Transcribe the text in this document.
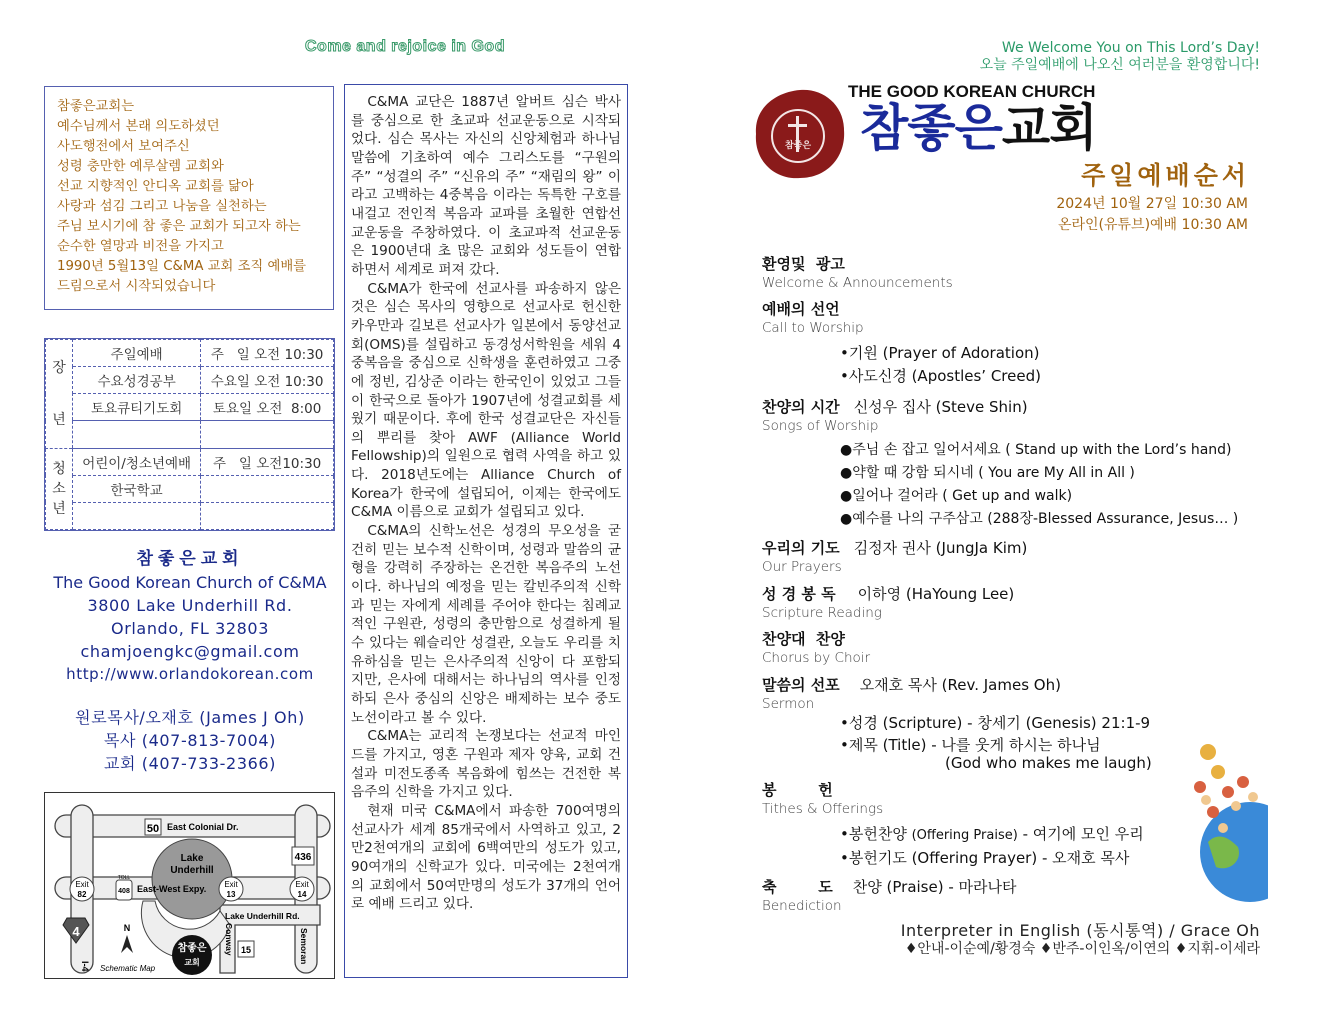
Come and rejoice in God
참좋은교회는
예수님께서 본래 의도하셨던
사도행전에서 보여주신
성령 충만한 예루살렘 교회와
선교 지향적인 안디옥 교회를 닮아
사랑과 섬김 그리고 나눔을 실천하는
주님 보시기에 참 좋은 교회가 되고자 하는
순수한 열망과 비전을 가지고
1990년 5월13일 C&MA 교회 조직 예배를
드림으로서 시작되었습니다
장

년	주일예배	주   일 오전 10:30
	수요성경공부	수요일 오전 10:30
	토요큐티기도회	토요일 오전  8:00

청
소
년	어린이/청소년예배	주   일 오전10:30
	한국학교	

참좋은교회
The Good Korean Church of C&MA
3800 Lake Underhill Rd.
Orlando, FL 32803
chamjoengkc@gmail.com
http://www.orlandokorean.com
원로목사/오재호 (James J Oh)
목사 (407-813-7004)
교회 (407-733-2366)
Lake
Underhill
50 East Colonial Dr.
436
Exit
82
Exit
13
Exit
14
TOLL
408 East-West Expy.
Lake Underhill Rd.
4
I-4
N
Schematic Map
참좋은
교회
Conway 15	Semoran

C&MA 교단은 1887년 알버트 심슨 박사를 중심으로 한 초교파 선교운동으로 시작되었다. 심슨 목사는 자신의 신앙체험과 하나님 말씀에 기초하여 예수 그리스도를 “구원의 주” “성결의 주” “신유의 주” “재림의 왕” 이라고 고백하는 4중복음 이라는 독특한 구호를 내걸고 전인적 복음과 교파를 초월한 연합선교운동을 주창하였다. 이 초교파적 선교운동은 1900년대 초 많은 교회와 성도들이 연합하면서 세계로 퍼져 갔다.

C&MA가 한국에 선교사를 파송하지 않은 것은 심슨 목사의 영향으로 선교사로 헌신한 카우만과 길보른 선교사가 일본에서 동양선교회(OMS)를 설립하고 동경성서학원을 세워 4중복음을 중심으로 신학생을 훈련하였고 그중에 정빈, 김상준 이라는 한국인이 있었고 그들이 한국으로 돌아가 1907년에 성결교회를 세웠기 때문이다. 후에 한국 성결교단은 자신들의 뿌리를 찾아 AWF (Alliance World Fellowship)의 일원으로 협력 사역을 하고 있다. 2018년도에는 Alliance Church of Korea가 한국에 설립되어, 이제는 한국에도 C&MA 이름으로 교회가 설립되고 있다.

C&MA의 신학노선은 성경의 무오성을 굳건히 믿는 보수적 신학이며, 성령과 말씀의 균형을 강력히 주장하는 온건한 복음주의 노선이다. 하나님의 예정을 믿는 칼빈주의적 신학과 믿는 자에게 세례를 주어야 한다는 침례교적인 구원관, 성령의 충만함으로 성결하게 될 수 있다는 웨슬리안 성결관, 오늘도 우리를 치유하심을 믿는 은사주의적 신앙이 다 포함되지만, 은사에 대해서는 하나님의 역사를 인정하되 은사 중심의 신앙은 배제하는 보수 중도 노선이라고 볼 수 있다.

C&MA는 교리적 논쟁보다는 선교적 마인드를 가지고, 영혼 구원과 제자 양육, 교회 건설과 미전도종족 복음화에 힘쓰는 건전한 복음주의 신학을 가지고 있다.

현재 미국 C&MA에서 파송한 700여명의 선교사가 세계 85개국에서 사역하고 있고, 2만2천여개의 교회에 6백여만의 성도가 있고, 90여개의 신학교가 있다. 미국에는 2천여개의 교회에서 50여만명의 성도가 37개의 언어로 예배 드리고 있다.

We Welcome You on This Lord’s Day!
오늘 주일예배에 나오신 여러분을 환영합니다!
참좋은
THE GOOD KOREAN CHURCH
참좋은교회
주일예배순서
2024년 10월 27일 10:30 AM
온라인(유튜브)예배 10:30 AM
환영및  광고
Welcome & Announcements
예배의 선언
Call to Worship
•기원 (Prayer of Adoration)
•사도신경 (Apostles’ Creed)
찬양의 시간 신성우 집사 (Steve Shin)
Songs of Worship
●주님 손 잡고 일어서세요 ( Stand up with the Lord’s hand)
●약할 때 강함 되시네 ( You are My All in All )
●일어나 걸어라 ( Get up and walk)
●예수를 나의 구주삼고 (288장-Blessed Assurance, Jesus… )
우리의 기도 김정자 권사 (JungJa Kim)
Our Prayers
성 경 봉 독 이하영 (HaYoung Lee)
Scripture Reading
찬양대  찬양
Chorus by Choir
말씀의 선포 오재호 목사 (Rev. James Oh)
Sermon
•성경 (Scripture) - 창세기 (Genesis) 21:1-9
•제목 (Title) - 나를 웃게 하시는 하나님
(God who makes me laugh)
봉        헌
Tithes & Offerings
•봉헌찬양 (Offering Praise) - 여기에 모인 우리
•봉헌기도 (Offering Prayer) - 오재호 목사
축        도 찬양 (Praise) - 마라나타
Benediction
Interpreter in English (동시통역) / Grace Oh
♦안내-이순예/황경숙 ♦반주-이인옥/이연의 ♦지휘-이세라
